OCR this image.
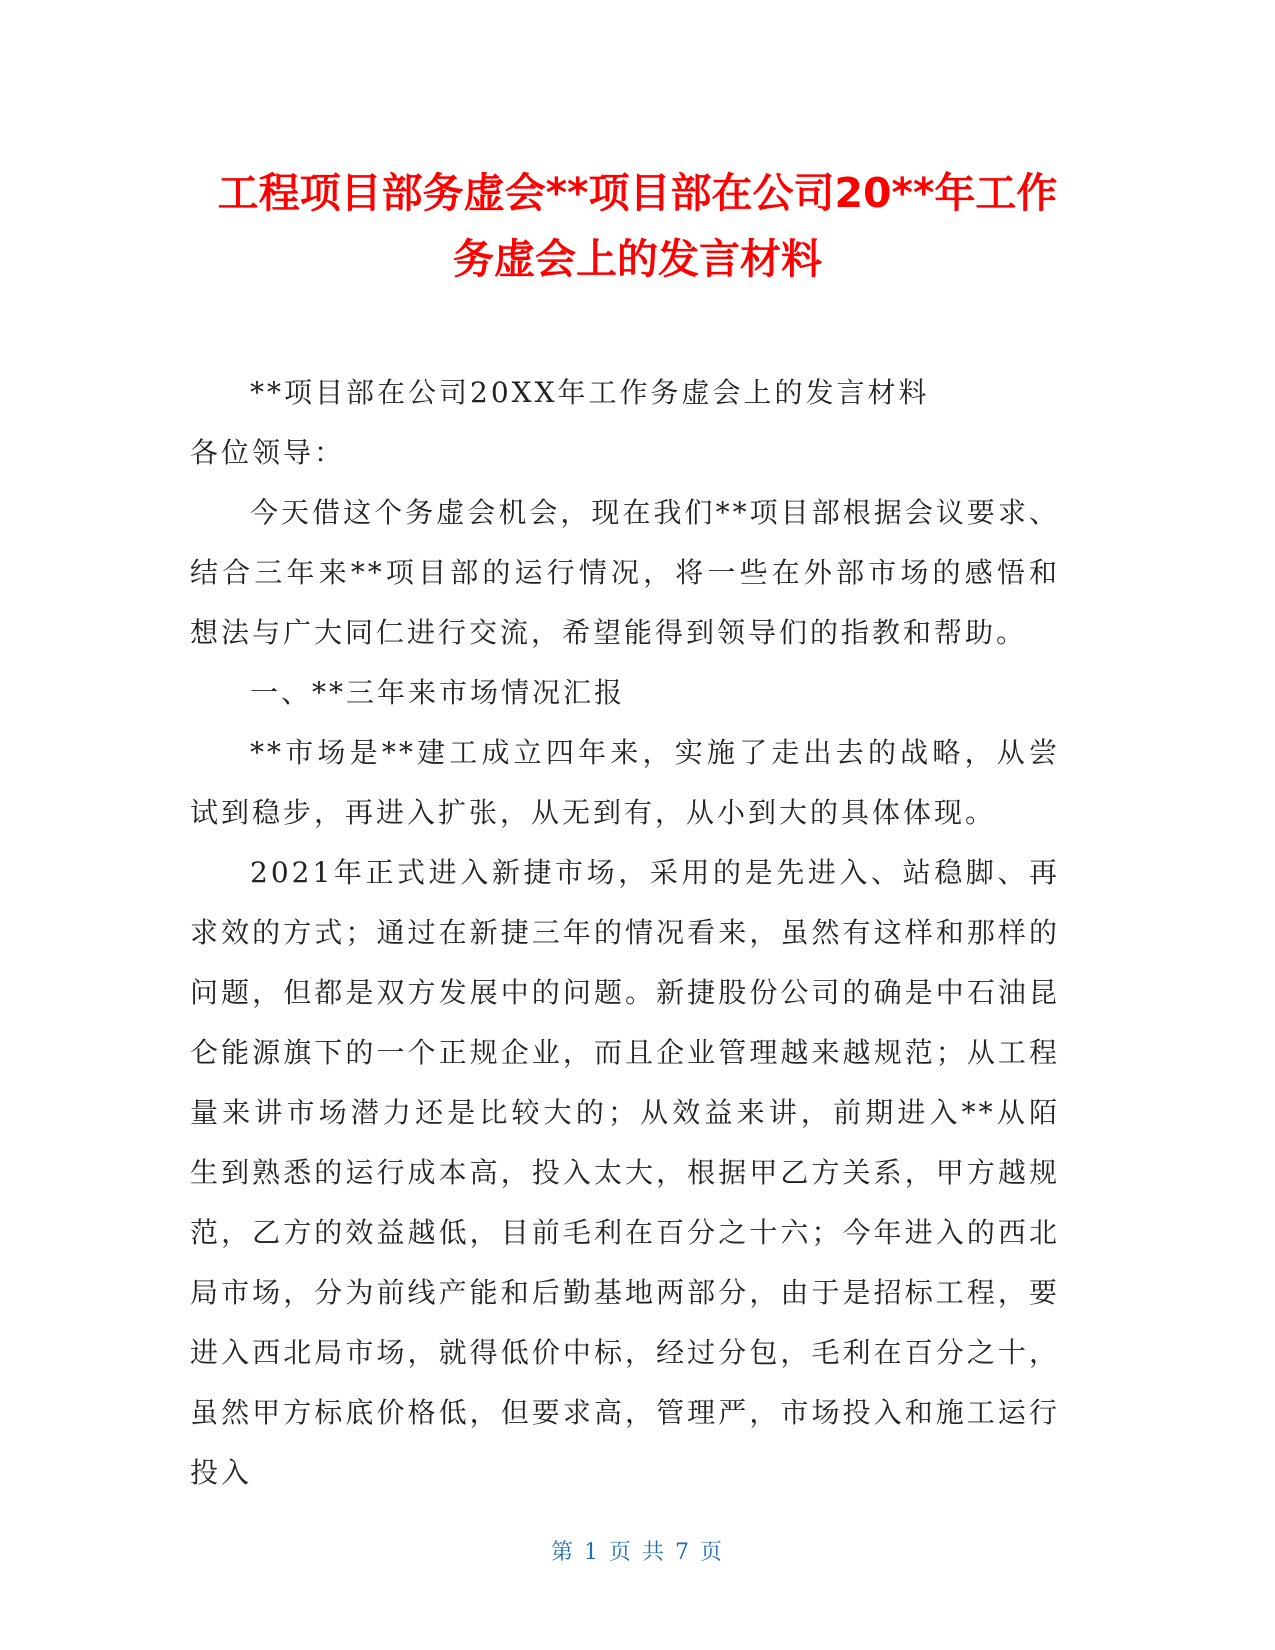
工程项目部务虚会**项目部在公司20**年工作
务虚会上的发言材料

**项目部在公司20XX年工作务虚会上的发言材料

各位领导：

今天借这个务虚会机会，现在我们**项目部根据会议要求、结合三年来**项目部的运行情况，将一些在外部市场的感悟和想法与广大同仁进行交流，希望能得到领导们的指教和帮助。

一、**三年来市场情况汇报

**市场是**建工成立四年来，实施了走出去的战略，从尝试到稳步，再进入扩张，从无到有，从小到大的具体体现。

2021年正式进入新捷市场，采用的是先进入、站稳脚、再求效的方式；通过在新捷三年的情况看来，虽然有这样和那样的问题，但都是双方发展中的问题。新捷股份公司的确是中石油昆仑能源旗下的一个正规企业，而且企业管理越来越规范；从工程量来讲市场潜力还是比较大的；从效益来讲，前期进入**从陌生到熟悉的运行成本高，投入太大，根据甲乙方关系，甲方越规范，乙方的效益越低，目前毛利在百分之十六；今年进入的西北局市场，分为前线产能和后勤基地两部分，由于是招标工程，要进入西北局市场，就得低价中标，经过分包，毛利在百分之十，虽然甲方标底价格低，但要求高，管理严，市场投入和施工运行投入

第 1 页 共 7 页
